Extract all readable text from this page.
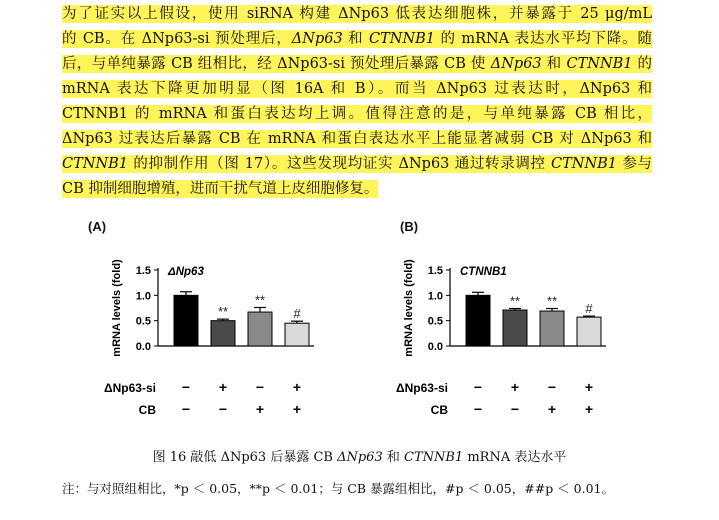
为了证实以上假设，使用 siRNA 构建 ΔNp63 低表达细胞株，并暴露于 25 μg/mL
的 CB。在 ΔNp63-si 预处理后，ΔNp63 和 CTNNB1 的 mRNA 表达水平均下降。随
后，与单纯暴露 CB 组相比，经 ΔNp63-si 预处理后暴露 CB 使 ΔNp63 和 CTNNB1 的
mRNA 表达下降更加明显（图 16A 和 B）。而当 ΔNp63 过表达时，ΔNp63 和
CTNNB1 的 mRNA 和蛋白表达均上调。值得注意的是，与单纯暴露 CB 相比，
ΔNp63 过表达后暴露 CB 在 mRNA 和蛋白表达水平上能显著减弱 CB 对 ΔNp63 和
CTNNB1 的抑制作用（图 17）。这些发现均证实 ΔNp63 通过转录调控 CTNNB1 参与
CB 抑制细胞增殖，进而干扰气道上皮细胞修复。
(A)	(B)
0.0
0.5
1.0
1.5
mRNA levels (fold)	ΔNp63
**
**
#
ΔNp63-si − + − +
CB − − + +
0.0
0.5
1.0
1.5
mRNA levels (fold)	CTNNB1
** **
#
ΔNp63-si − + − +
CB − − + +
图 16 敲低 ΔNp63 后暴露 CB ΔNp63 和 CTNNB1 mRNA 表达水平
注：与对照组相比，*p ＜ 0.05，**p ＜ 0.01；与 CB 暴露组相比，#p ＜ 0.05，##p ＜ 0.01。
